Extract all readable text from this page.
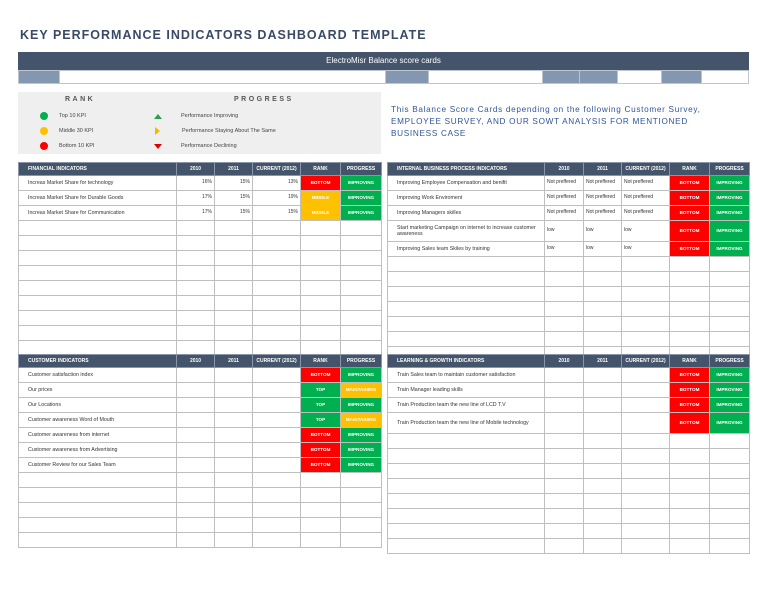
KEY PERFORMANCE INDICATORS DASHBOARD TEMPLATE
ElectroMisr Balance score cards
RANK	PROGRESS
Top 10 KPI
Middle 30 KPI
Bottom 10 KPI
Performance Improving
Performance Staying About The Same
Performance Declining
This Balance Score Cards depending on the following Customer Survey, EMPLOYEE SURVEY, AND OUR SOWT ANALYSIS FOR MENTIONED BUSINESS CASE
FINANCIAL INDICATORS	2010	2011	CURRENT (2012)	RANK	PROGRESS
Increas Market Share for technology	16%	15%	13%	BOTTOM	IMPROVING
Increas Market Share for Durable Goods	17%	15%	19%	MIDDLE	IMPROVING
Increas Market Share for Communication	17%	15%	15%	MIDDLE	IMPROVING

INTERNAL BUSINESS PROCESS INDICATORS	2010	2011	CURRENT (2012)	RANK	PROGRESS
Improving Employee Compensation and benifit	Not preffered	Not preffered	Not preffered	BOTTOM	IMPROVING
Improving Work Enviroment	Not preffered	Not preffered	Not preffered	BOTTOM	IMPROVING
Improving Managers skilles	Not preffered	Not preffered	Not preffered	BOTTOM	IMPROVING
Start marketing Campaign on internet to increase customer awareness	low	low	low	BOTTOM	IMPROVING
Improving Sales team Skiles by training	low	low	low	BOTTOM	IMPROVING

CUSTOMER INDICATORS	2010	2011	CURRENT (2012)	RANK	PROGRESS
Customer satisfaction index				BOTTOM	IMPROVING
Our prices				TOP	MAINTAINING
Our Locations				TOP	IMPROVING
Customer awareness Word of Mouth				TOP	MAINTAINING
Customer awareness from internet				BOTTOM	IMPROVING
Customer awareness from Advertising				BOTTOM	IMPROVING
Customer Review for our Sales Team				BOTTOM	IMPROVING

LEARNING & GROWTH INDICATORS	2010	2011	CURRENT (2012)	RANK	PROGRESS
Train Sales team to maintain customer satisfaction				BOTTOM	IMPROVING
Train Manager leading skills				BOTTOM	IMPROVING
Train Production team the new line of LCD T.V				BOTTOM	IMPROVING
Train Production team the new line of Mobile technology				BOTTOM	IMPROVING
